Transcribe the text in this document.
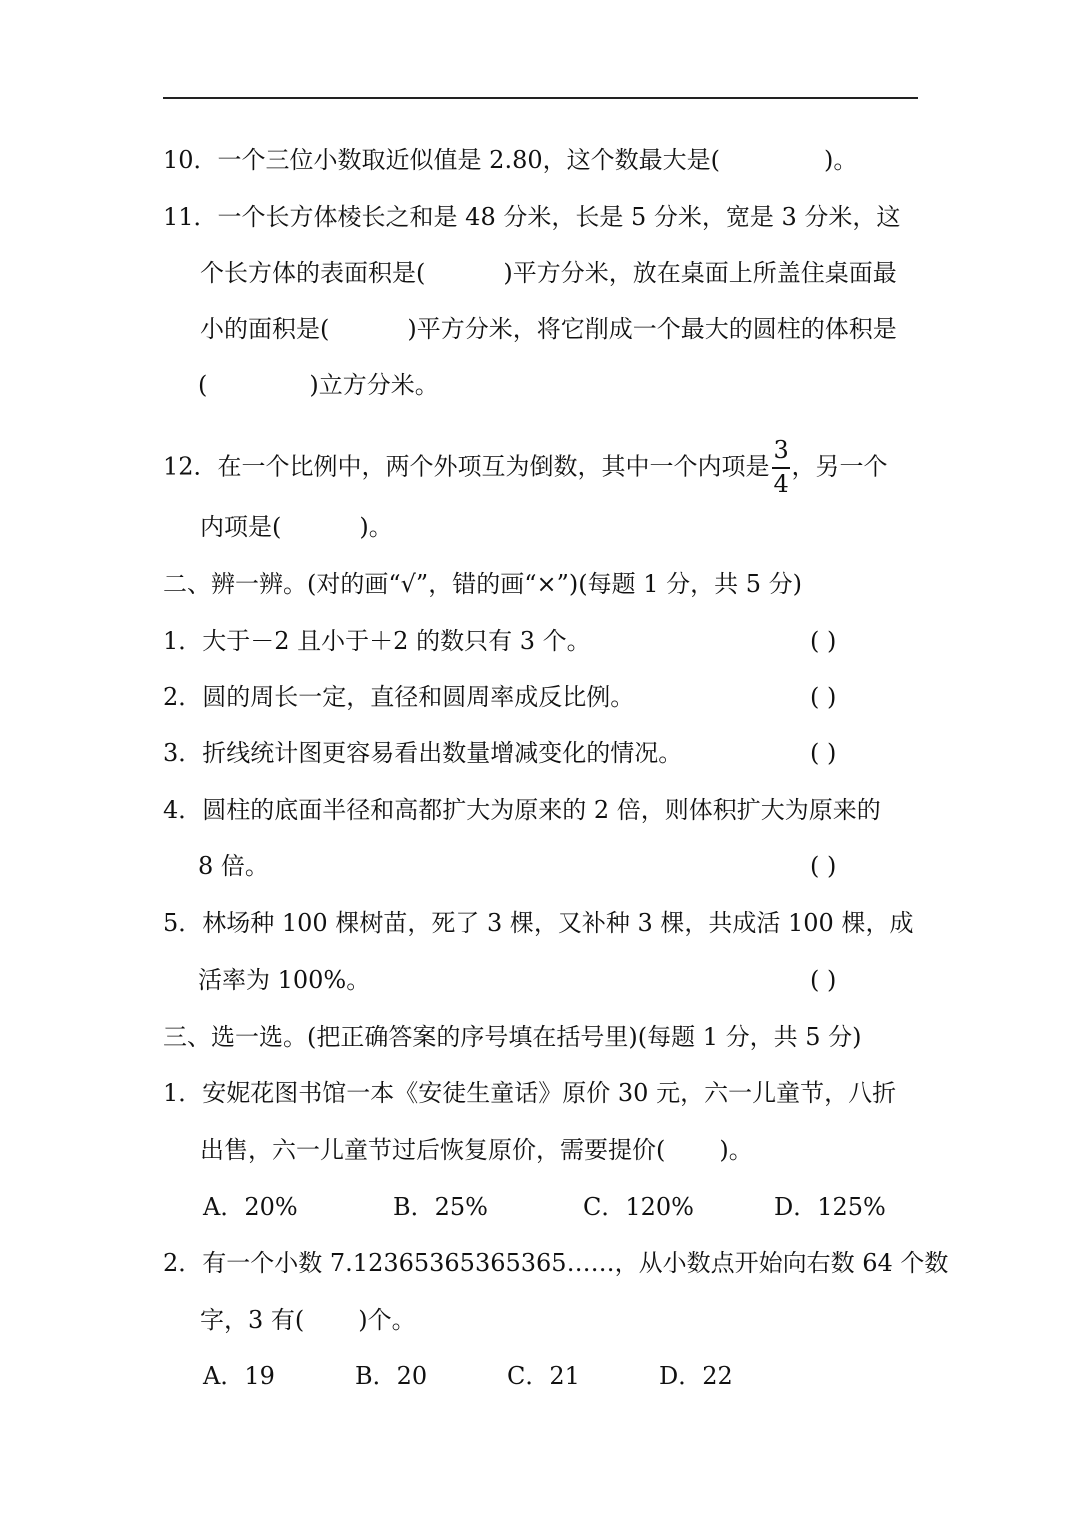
10．一个三位小数取近似值是 2.80，这个数最大是(	)。
11．一个长方体棱长之和是 48 分米，长是 5 分米，宽是 3 分米，这
个长方体的表面积是(	)平方分米，放在桌面上所盖住桌面最
小的面积是(	)平方分米，将它削成一个最大的圆柱的体积是
(	)立方分米。
12．在一个比例中，两个外项互为倒数，其中一个内项是 $\frac{3}{4}$ ，另一个
内项是(	)。
二、辨一辨。(对的画“√”，错的画“×”)(每题 1 分，共 5 分)
1．大于－2 且小于＋2 的数只有 3 个。	( )
2．圆的周长一定，直径和圆周率成反比例。	( )
3．折线统计图更容易看出数量增减变化的情况。	( )
4．圆柱的底面半径和高都扩大为原来的 2 倍，则体积扩大为原来的
8 倍。	( )
5．林场种 100 棵树苗，死了 3 棵，又补种 3 棵，共成活 100 棵，成
活率为 100%。	( )
三、选一选。(把正确答案的序号填在括号里)(每题 1 分，共 5 分)
1．安妮花图书馆一本《安徒生童话》原价 30 元，六一儿童节，八折
出售，六一儿童节过后恢复原价，需要提价( )。
A．20%	B．25%	C．120%	D．125%
2．有一个小数 7.12365365365365……，从小数点开始向右数 64 个数
字，3 有( )个。
A．19	B．20	C．21	D．22
